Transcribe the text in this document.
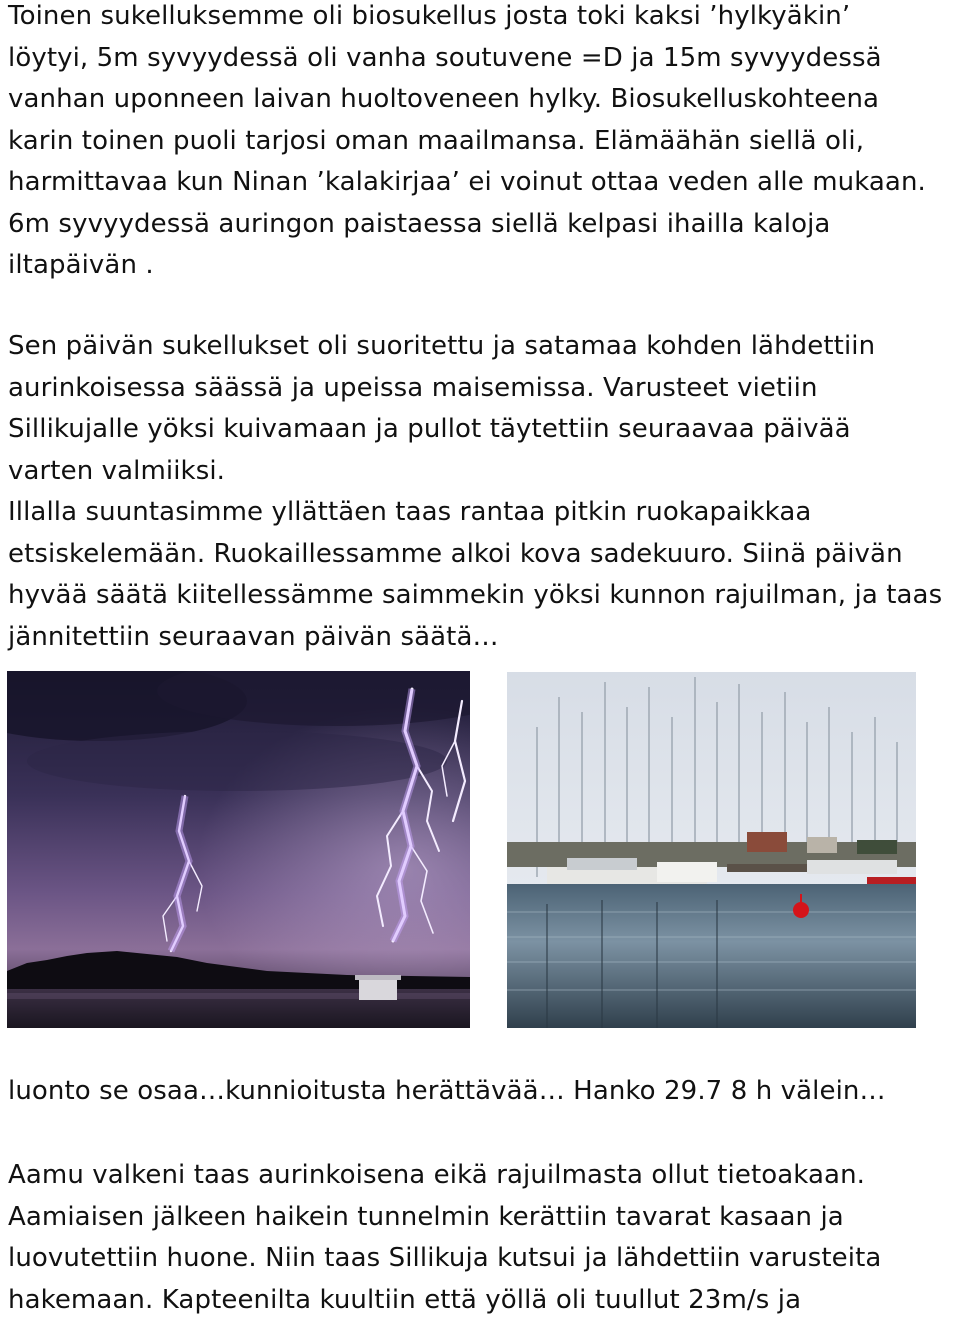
Toinen sukelluksemme oli biosukellus josta toki kaksi ’hylkyäkin’
löytyi, 5m syvyydessä oli vanha soutuvene =D ja 15m syvyydessä
vanhan uponneen laivan huoltoveneen hylky. Biosukelluskohteena
karin toinen puoli tarjosi oman maailmansa. Elämäähän siellä oli,
harmittavaa kun Ninan ’kalakirjaa’ ei voinut ottaa veden alle mukaan.
6m syvyydessä auringon paistaessa siellä kelpasi ihailla kaloja
iltapäivän .
Sen päivän sukellukset oli suoritettu ja satamaa kohden lähdettiin
aurinkoisessa säässä ja upeissa maisemissa. Varusteet vietiin
Sillikujalle yöksi kuivamaan ja pullot täytettiin seuraavaa päivää
varten valmiiksi.
Illalla suuntasimme yllättäen taas rantaa pitkin ruokapaikkaa
etsiskelemään. Ruokaillessamme alkoi kova sadekuuro. Siinä päivän
hyvää säätä kiitellessämme saimmekin yöksi kunnon rajuilman, ja taas
jännitettiin seuraavan päivän säätä…
luonto se osaa…kunnioitusta herättävää… Hanko 29.7 8 h välein…
Aamu valkeni taas aurinkoisena eikä rajuilmasta ollut tietoakaan.
Aamiaisen jälkeen haikein tunnelmin kerättiin tavarat kasaan ja
luovutettiin huone. Niin taas Sillikuja kutsui ja lähdettiin varusteita
hakemaan. Kapteenilta kuultiin että yöllä oli tuullut 23m/s ja
